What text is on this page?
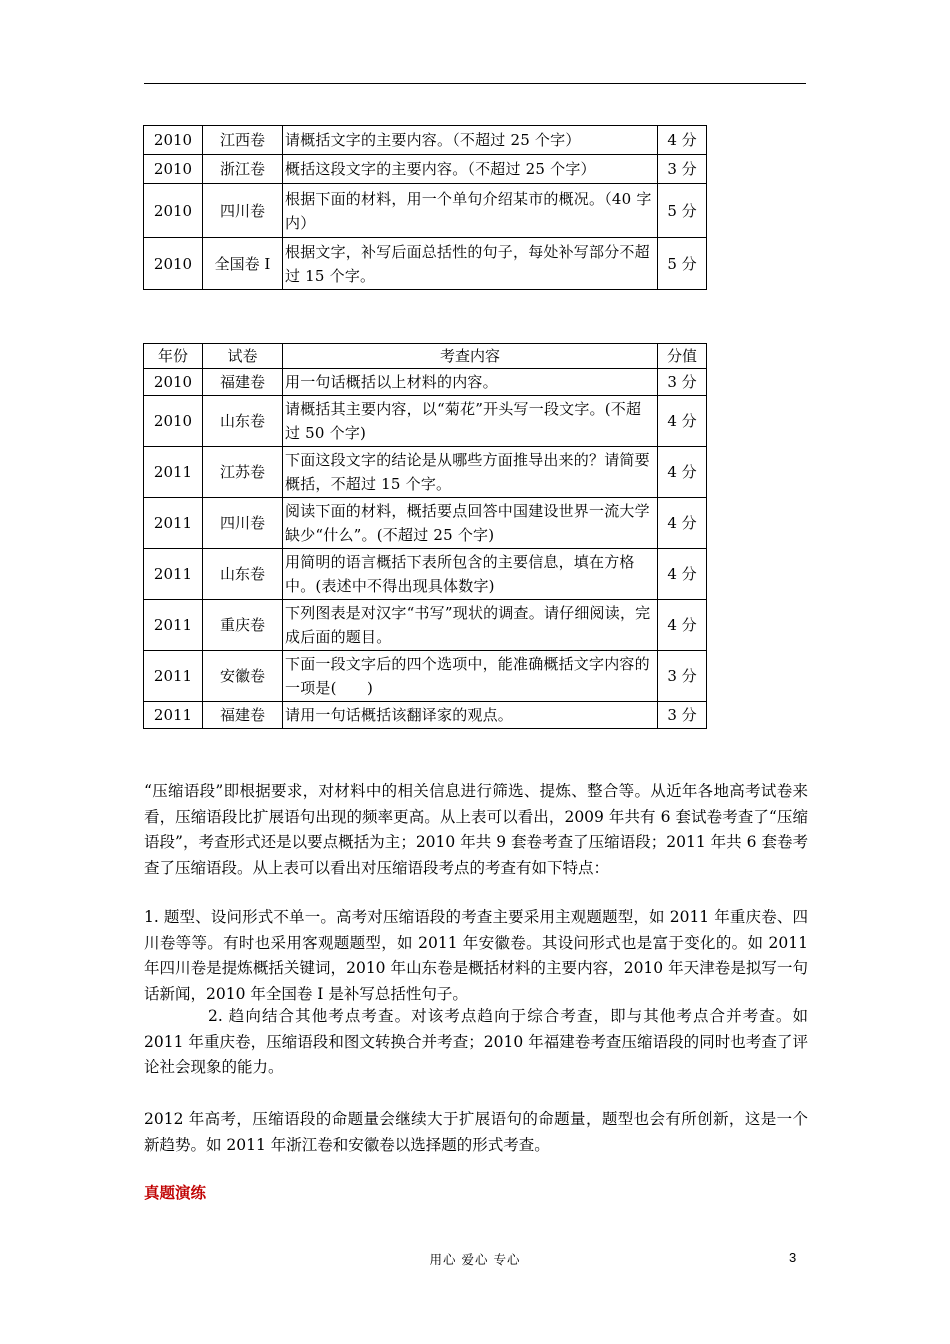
2010	江西卷	请概括文字的主要内容。（不超过 25 个字）	4 分
2010	浙江卷	概括这段文字的主要内容。（不超过 25 个字）	3 分
2010	四川卷	根据下面的材料，用一个单句介绍某市的概况。（40 字内）	5 分
2010	全国卷 I	根据文字，补写后面总括性的句子，每处补写部分不超过 15 个字。	5 分
年份	试卷	考查内容	分值
2010	福建卷	用一句话概括以上材料的内容。	3 分
2010	山东卷	请概括其主要内容，以“菊花”开头写一段文字。(不超过 50 个字)	4 分
2011	江苏卷	下面这段文字的结论是从哪些方面推导出来的？请简要概括，不超过 15 个字。	4 分
2011	四川卷	阅读下面的材料，概括要点回答中国建设世界一流大学缺少“什么”。(不超过 25 个字)	4 分
2011	山东卷	用简明的语言概括下表所包含的主要信息，填在方格中。(表述中不得出现具体数字)	4 分
2011	重庆卷	下列图表是对汉字“书写”现状的调查。请仔细阅读，完成后面的题目。	4 分
2011	安徽卷	下面一段文字后的四个选项中，能准确概括文字内容的一项是(　　)	3 分
2011	福建卷	请用一句话概括该翻译家的观点。	3 分

“压缩语段”即根据要求，对材料中的相关信息进行筛选、提炼、整合等。从近年各地高考试卷来看，压缩语段比扩展语句出现的频率更高。从上表可以看出，2009 年共有 6 套试卷考查了“压缩语段”，考查形式还是以要点概括为主；2010 年共 9 套卷考查了压缩语段；2011 年共 6 套卷考查了压缩语段。从上表可以看出对压缩语段考点的考查有如下特点：

1. 题型、设问形式不单一。高考对压缩语段的考查主要采用主观题题型，如 2011 年重庆卷、四川卷等等。有时也采用客观题题型，如 2011 年安徽卷。其设问形式也是富于变化的。如 2011 年四川卷是提炼概括关键词，2010 年山东卷是概括材料的主要内容，2010 年天津卷是拟写一句话新闻，2010 年全国卷 I 是补写总括性句子。

2. 趋向结合其他考点考查。对该考点趋向于综合考查，即与其他考点合并考查。如 2011 年重庆卷，压缩语段和图文转换合并考查；2010 年福建卷考查压缩语段的同时也考查了评论社会现象的能力。

2012 年高考，压缩语段的命题量会继续大于扩展语句的命题量，题型也会有所创新，这是一个新趋势。如 2011 年浙江卷和安徽卷以选择题的形式考查。

真题演练
用心 爱心 专心	3
